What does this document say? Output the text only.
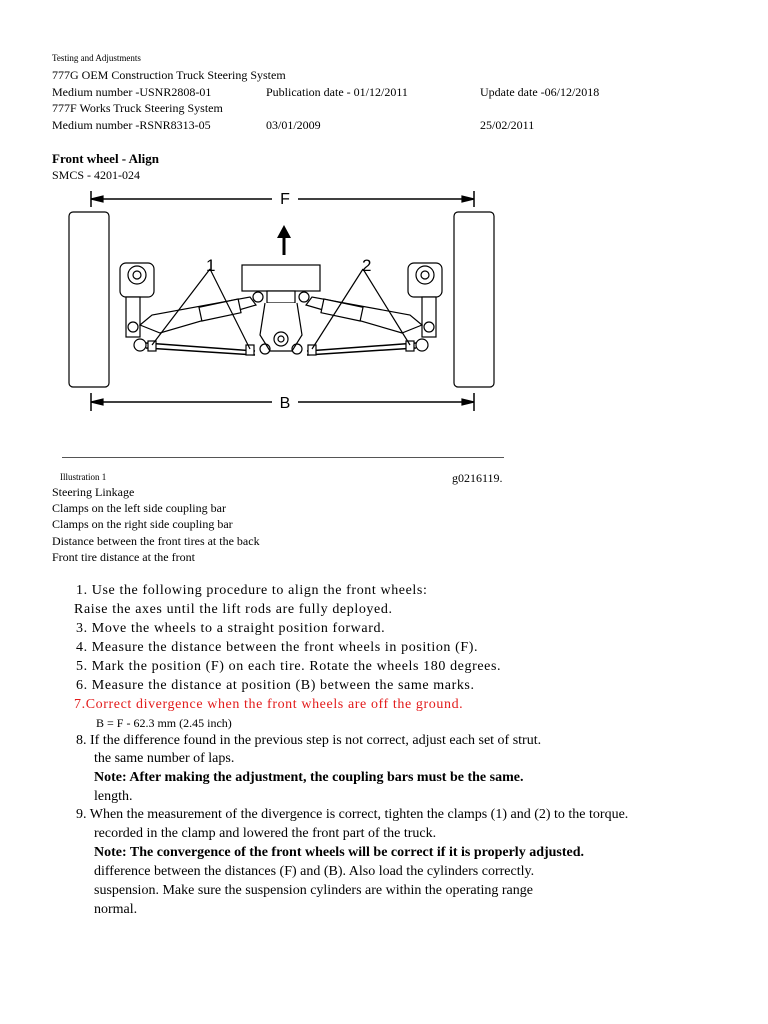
Testing and Adjustments
777G OEM Construction Truck Steering System
Medium number -USNR2808-01	Publication date - 01/12/2011	Update date -06/12/2018
777F Works Truck Steering System
Medium number -RSNR8313-05	03/01/2009	25/02/2011
Front wheel - Align
SMCS - 4201-024
F
B
1	2
Illustration 1	g0216119.
Steering Linkage
Clamps on the left side coupling bar
Clamps on the right side coupling bar
Distance between the front tires at the back
Front tire distance at the front
1. Use the following procedure to align the front wheels:
Raise the axes until the lift rods are fully deployed.
3. Move the wheels to a straight position forward.
4. Measure the distance between the front wheels in position (F).
5. Mark the position (F) on each tire. Rotate the wheels 180 degrees.
6. Measure the distance at position (B) between the same marks.
7.Correct divergence when the front wheels are off the ground.
B = F - 62.3 mm (2.45 inch)
8. If the difference found in the previous step is not correct, adjust each set of strut.
the same number of laps.
Note: After making the adjustment, the coupling bars must be the same.
length.
9. When the measurement of the divergence is correct, tighten the clamps (1) and (2) to the torque.
recorded in the clamp and lowered the front part of the truck.
Note: The convergence of the front wheels will be correct if it is properly adjusted.
difference between the distances (F) and (B). Also load the cylinders correctly.
suspension. Make sure the suspension cylinders are within the operating range
normal.
